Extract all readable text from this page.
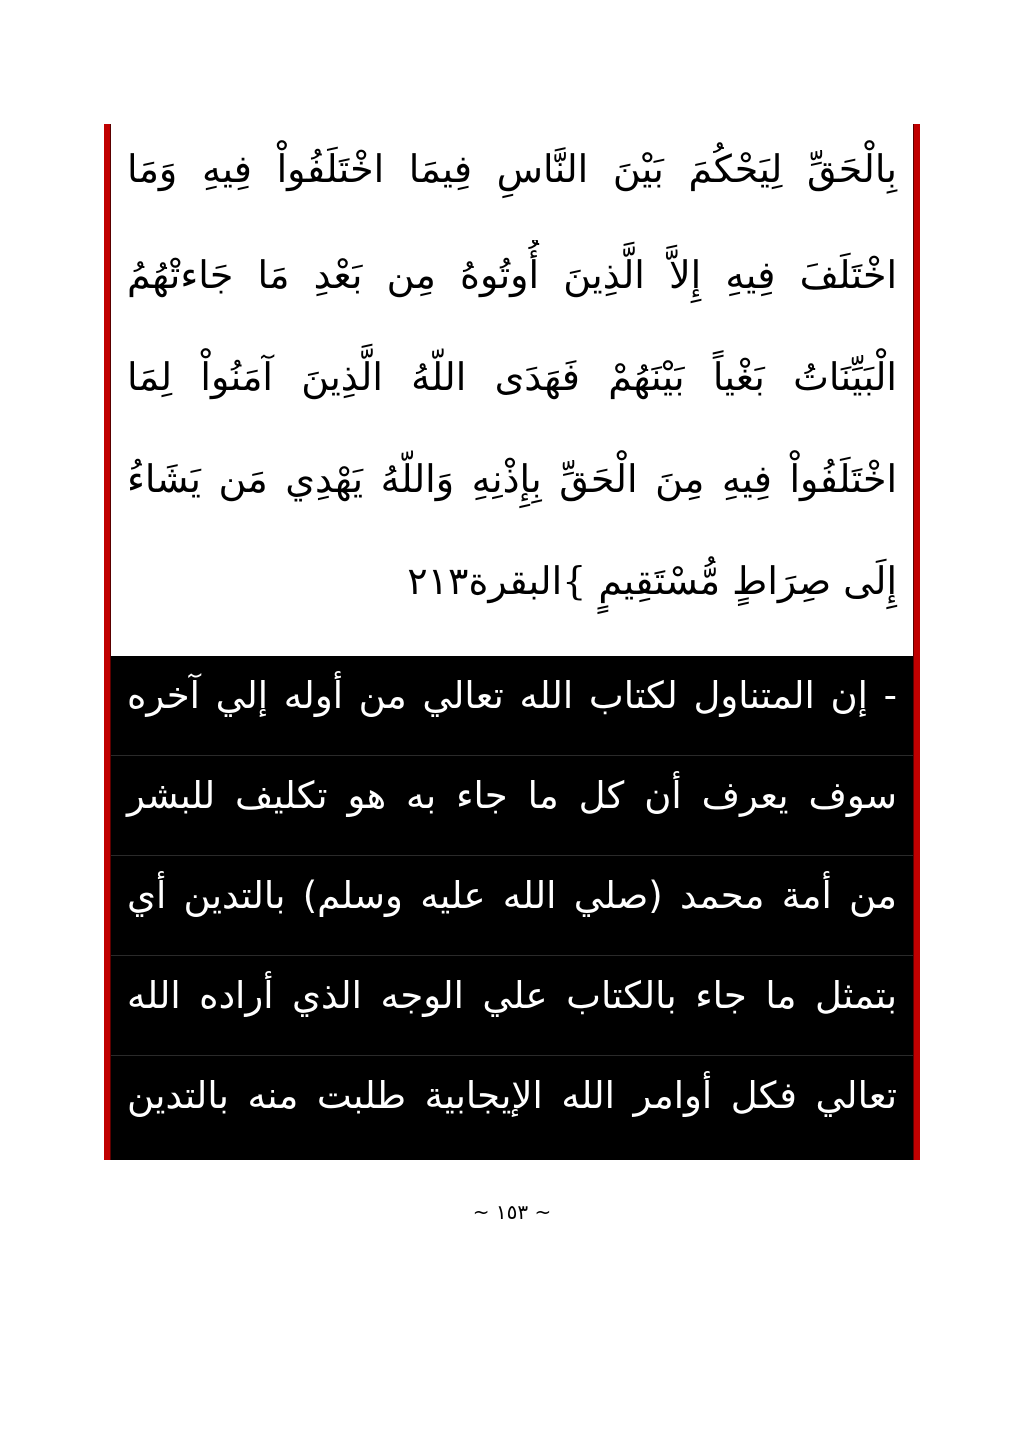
بِالْحَقِّ لِيَحْكُمَ بَيْنَ النَّاسِ فِيمَا اخْتَلَفُواْ فِيهِ وَمَا
اخْتَلَفَ فِيهِ إِلاَّ الَّذِينَ أُوتُوهُ مِن بَعْدِ مَا جَاءتْهُمُ
الْبَيِّنَاتُ بَغْياً بَيْنَهُمْ فَهَدَى اللّهُ الَّذِينَ آمَنُواْ لِمَا
اخْتَلَفُواْ فِيهِ مِنَ الْحَقِّ بِإِذْنِهِ وَاللّهُ يَهْدِي مَن يَشَاءُ
إِلَى صِرَاطٍ مُّسْتَقِيمٍ }البقرة٢١٣
- إن المتناول لكتاب الله تعالي من أوله إلي آخره
سوف يعرف أن كل ما جاء به هو تكليف للبشر
من أمة محمد (صلي الله عليه وسلم) بالتدين أي
بتمثل ما جاء بالكتاب علي الوجه الذي أراده الله
تعالي فكل أوامر الله الإيجابية طلبت منه بالتدين
~ ١٥٣ ~
